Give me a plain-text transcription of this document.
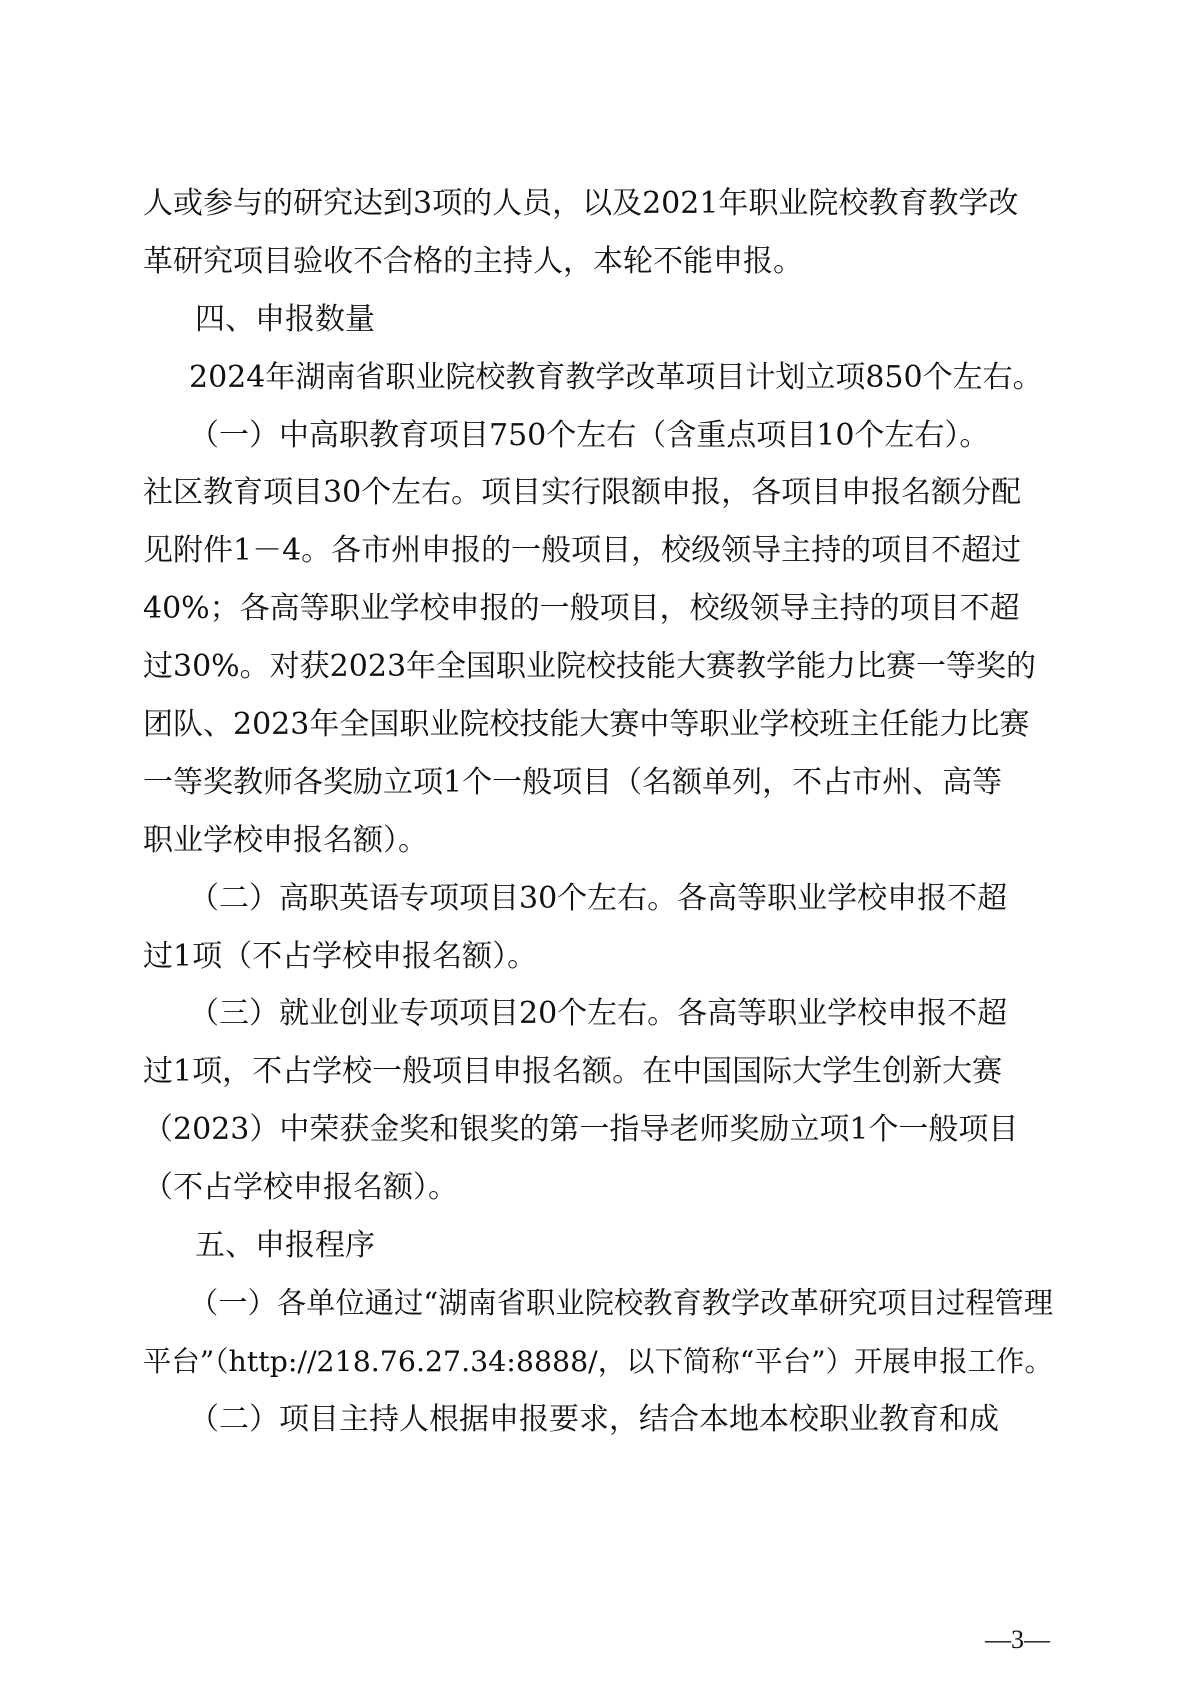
人或参与的研究达到3项的人员，以及2021年职业院校教育教学改
革研究项目验收不合格的主持人，本轮不能申报。
四、申报数量
2024年湖南省职业院校教育教学改革项目计划立项850个左右。
（一）中高职教育项目750个左右（含重点项目10个左右）。
社区教育项目30个左右。项目实行限额申报，各项目申报名额分配
见附件1－4。各市州申报的一般项目，校级领导主持的项目不超过
40%；各高等职业学校申报的一般项目，校级领导主持的项目不超
过30%。对获2023年全国职业院校技能大赛教学能力比赛一等奖的
团队、2023年全国职业院校技能大赛中等职业学校班主任能力比赛
一等奖教师各奖励立项1个一般项目（名额单列，不占市州、高等
职业学校申报名额）。
（二）高职英语专项项目30个左右。各高等职业学校申报不超
过1项（不占学校申报名额）。
（三）就业创业专项项目20个左右。各高等职业学校申报不超
过1项，不占学校一般项目申报名额。在中国国际大学生创新大赛
（2023）中荣获金奖和银奖的第一指导老师奖励立项1个一般项目
（不占学校申报名额）。
五、申报程序
（一）各单位通过“湖南省职业院校教育教学改革研究项目过程管理
平台”（http://218.76.27.34:8888/，以下简称“平台”）开展申报工作。
（二）项目主持人根据申报要求，结合本地本校职业教育和成
—3—
